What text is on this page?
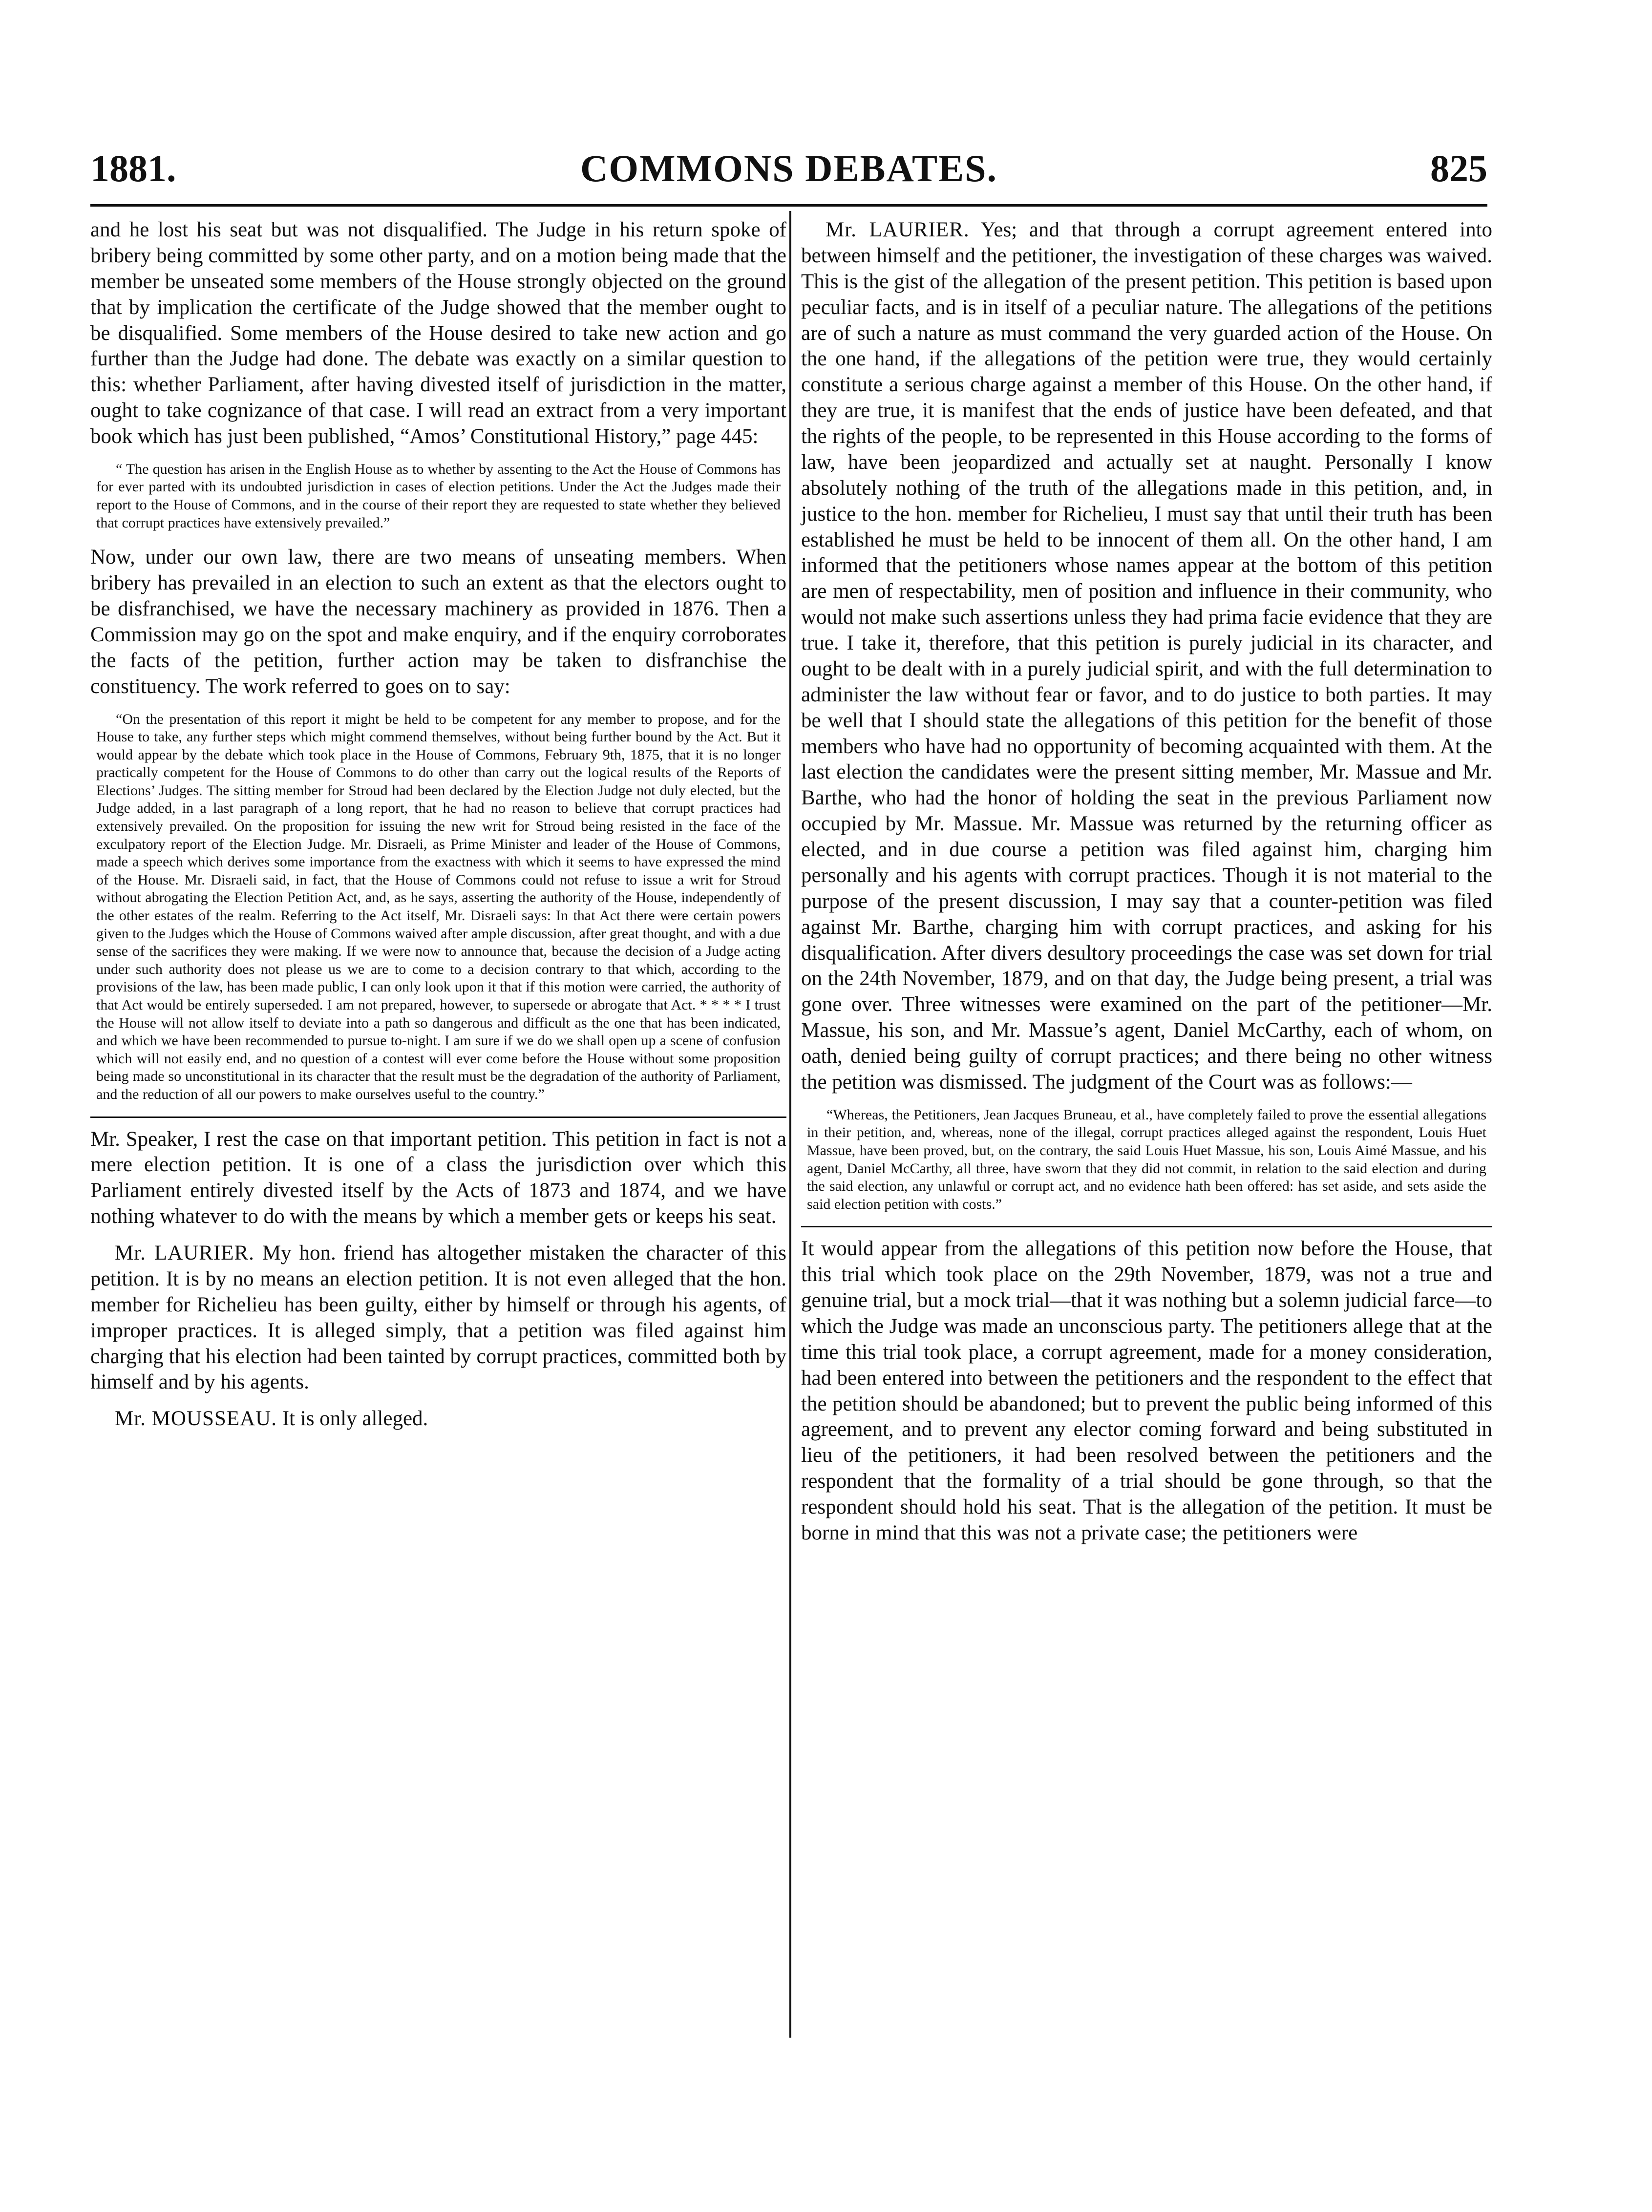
1881.	COMMONS DEBATES.	825

and he lost his seat but was not disqualified. The Judge in his return spoke of bribery being committed by some other party, and on a motion being made that the member be unseated some members of the House strongly objected on the ground that by implication the certificate of the Judge showed that the member ought to be disqualified. Some members of the House desired to take new action and go further than the Judge had done. The debate was exactly on a similar question to this: whether Parliament, after having divested itself of jurisdiction in the matter, ought to take cognizance of that case. I will read an extract from a very important book which has just been published, “Amos’ Constitutional History,” page 445:

“ The question has arisen in the English House as to whether by assenting to the Act the House of Commons has for ever parted with its undoubted jurisdiction in cases of election petitions. Under the Act the Judges made their report to the House of Commons, and in the course of their report they are requested to state whether they believed that corrupt practices have extensively prevailed.”

Now, under our own law, there are two means of unseating members. When bribery has prevailed in an election to such an extent as that the electors ought to be disfranchised, we have the necessary machinery as provided in 1876. Then a Commission may go on the spot and make enquiry, and if the enquiry corroborates the facts of the petition, further action may be taken to disfranchise the constituency. The work referred to goes on to say:

“On the presentation of this report it might be held to be competent for any member to propose, and for the House to take, any further steps which might commend themselves, without being further bound by the Act. But it would appear by the debate which took place in the House of Commons, February 9th, 1875, that it is no longer practically competent for the House of Commons to do other than carry out the logical results of the Reports of Elections’ Judges. The sitting member for Stroud had been declared by the Election Judge not duly elected, but the Judge added, in a last paragraph of a long report, that he had no reason to believe that corrupt practices had extensively prevailed. On the proposition for issuing the new writ for Stroud being resisted in the face of the exculpatory report of the Election Judge. Mr. Disraeli, as Prime Minister and leader of the House of Commons, made a speech which derives some importance from the exactness with which it seems to have expressed the mind of the House. Mr. Disraeli said, in fact, that the House of Commons could not refuse to issue a writ for Stroud without abrogating the Election Petition Act, and, as he says, asserting the authority of the House, independently of the other estates of the realm. Referring to the Act itself, Mr. Disraeli says: In that Act there were certain powers given to the Judges which the House of Commons waived after ample discussion, after great thought, and with a due sense of the sacrifices they were making. If we were now to announce that, because the decision of a Judge acting under such authority does not please us we are to come to a decision contrary to that which, according to the provisions of the law, has been made public, I can only look upon it that if this motion were carried, the authority of that Act would be entirely superseded. I am not prepared, however, to supersede or abrogate that Act. * * * * I trust the House will not allow itself to deviate into a path so dangerous and difficult as the one that has been indicated, and which we have been recommended to pursue to-night. I am sure if we do we shall open up a scene of confusion which will not easily end, and no question of a contest will ever come before the House without some proposition being made so unconstitutional in its character that the result must be the degradation of the authority of Parliament, and the reduction of all our powers to make ourselves useful to the country.”

Mr. Speaker, I rest the case on that important petition. This petition in fact is not a mere election petition. It is one of a class the jurisdiction over which this Parliament entirely divested itself by the Acts of 1873 and 1874, and we have nothing whatever to do with the means by which a member gets or keeps his seat.

Mr. LAURIER. My hon. friend has altogether mistaken the character of this petition. It is by no means an election petition. It is not even alleged that the hon. member for Richelieu has been guilty, either by himself or through his agents, of improper practices. It is alleged simply, that a petition was filed against him charging that his election had been tainted by corrupt practices, committed both by himself and by his agents.

Mr. MOUSSEAU. It is only alleged.

Mr. LAURIER. Yes; and that through a corrupt agreement entered into between himself and the petitioner, the investigation of these charges was waived. This is the gist of the allegation of the present petition. This petition is based upon peculiar facts, and is in itself of a peculiar nature. The allegations of the petitions are of such a nature as must command the very guarded action of the House. On the one hand, if the allegations of the petition were true, they would certainly constitute a serious charge against a member of this House. On the other hand, if they are true, it is manifest that the ends of justice have been defeated, and that the rights of the people, to be represented in this House according to the forms of law, have been jeopardized and actually set at naught. Personally I know absolutely nothing of the truth of the allegations made in this petition, and, in justice to the hon. member for Richelieu, I must say that until their truth has been established he must be held to be innocent of them all. On the other hand, I am informed that the petitioners whose names appear at the bottom of this petition are men of respectability, men of position and influence in their community, who would not make such assertions unless they had prima facie evidence that they are true. I take it, therefore, that this petition is purely judicial in its character, and ought to be dealt with in a purely judicial spirit, and with the full determination to administer the law without fear or favor, and to do justice to both parties. It may be well that I should state the allegations of this petition for the benefit of those members who have had no opportunity of becoming acquainted with them. At the last election the candidates were the present sitting member, Mr. Massue and Mr. Barthe, who had the honor of holding the seat in the previous Parliament now occupied by Mr. Massue. Mr. Massue was returned by the returning officer as elected, and in due course a petition was filed against him, charging him personally and his agents with corrupt practices. Though it is not material to the purpose of the present discussion, I may say that a counter-petition was filed against Mr. Barthe, charging him with corrupt practices, and asking for his disqualification. After divers desultory proceedings the case was set down for trial on the 24th November, 1879, and on that day, the Judge being present, a trial was gone over. Three witnesses were examined on the part of the petitioner—Mr. Massue, his son, and Mr. Massue’s agent, Daniel McCarthy, each of whom, on oath, denied being guilty of corrupt practices; and there being no other witness the petition was dismissed. The judgment of the Court was as follows:—

“Whereas, the Petitioners, Jean Jacques Bruneau, et al., have completely failed to prove the essential allegations in their petition, and, whereas, none of the illegal, corrupt practices alleged against the respondent, Louis Huet Massue, have been proved, but, on the contrary, the said Louis Huet Massue, his son, Louis Aimé Massue, and his agent, Daniel McCarthy, all three, have sworn that they did not commit, in relation to the said election and during the said election, any unlawful or corrupt act, and no evidence hath been offered: has set aside, and sets aside the said election petition with costs.”

It would appear from the allegations of this petition now before the House, that this trial which took place on the 29th November, 1879, was not a true and genuine trial, but a mock trial—that it was nothing but a solemn judicial farce—to which the Judge was made an unconscious party. The petitioners allege that at the time this trial took place, a corrupt agreement, made for a money consideration, had been entered into between the petitioners and the respondent to the effect that the petition should be abandoned; but to prevent the public being informed of this agreement, and to prevent any elector coming forward and being substituted in lieu of the petitioners, it had been resolved between the petitioners and the respondent that the formality of a trial should be gone through, so that the respondent should hold his seat. That is the allegation of the petition. It must be borne in mind that this was not a private case; the petitioners were
